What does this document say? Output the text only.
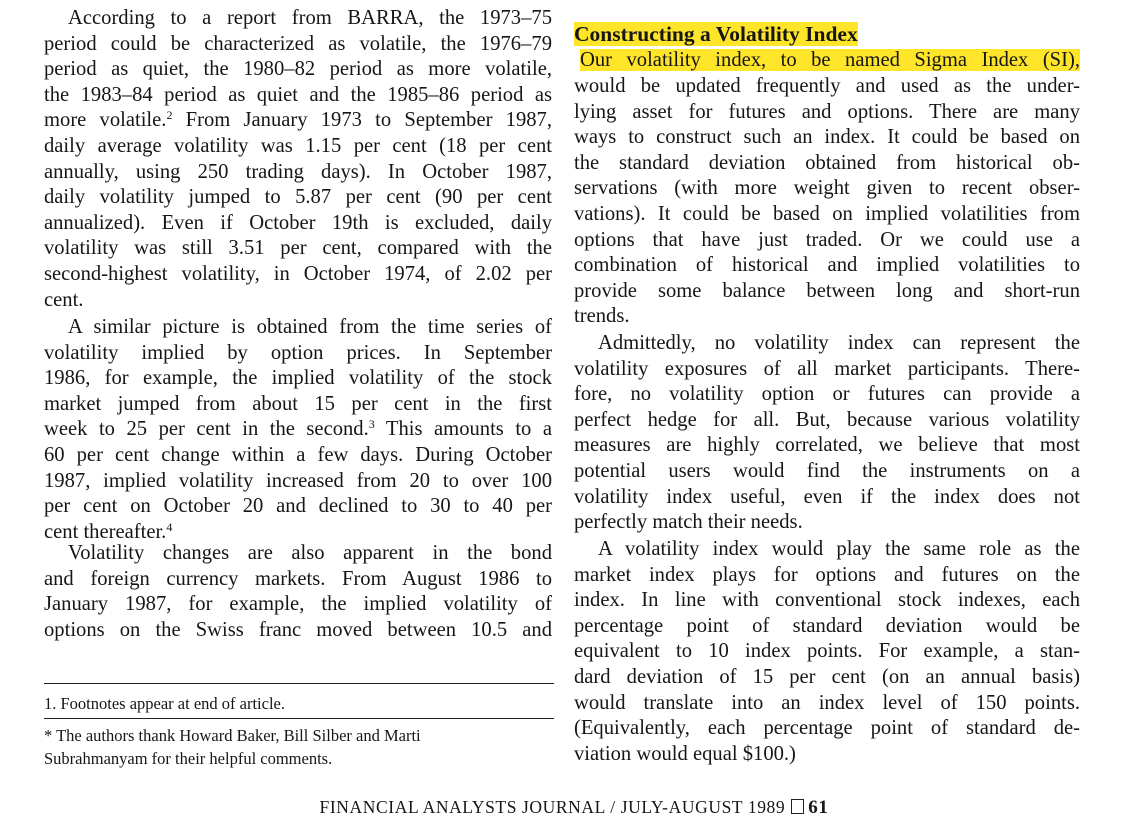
According to a report from BARRA, the 1973–75
period could be characterized as volatile, the 1976–79
period as quiet, the 1980–82 period as more volatile,
the 1983–84 period as quiet and the 1985–86 period as
more volatile.$^2$ From January 1973 to September 1987,
daily average volatility was 1.15 per cent (18 per cent
annually, using 250 trading days). In October 1987,
daily volatility jumped to 5.87 per cent (90 per cent
annualized). Even if October 19th is excluded, daily
volatility was still 3.51 per cent, compared with the
second-highest volatility, in October 1974, of 2.02 per
cent.
A similar picture is obtained from the time series of
volatility implied by option prices. In September
1986, for example, the implied volatility of the stock
market jumped from about 15 per cent in the first
week to 25 per cent in the second.$^3$ This amounts to a
60 per cent change within a few days. During October
1987, implied volatility increased from 20 to over 100
per cent on October 20 and declined to 30 to 40 per
cent thereafter.$^4$
Volatility changes are also apparent in the bond
and foreign currency markets. From August 1986 to
January 1987, for example, the implied volatility of
options on the Swiss franc moved between 10.5 and
Constructing a Volatility Index
Our volatility index, to be named Sigma Index (SI),
would be updated frequently and used as the under-
lying asset for futures and options. There are many
ways to construct such an index. It could be based on
the standard deviation obtained from historical ob-
servations (with more weight given to recent obser-
vations). It could be based on implied volatilities from
options that have just traded. Or we could use a
combination of historical and implied volatilities to
provide some balance between long and short-run
trends.
Admittedly, no volatility index can represent the
volatility exposures of all market participants. There-
fore, no volatility option or futures can provide a
perfect hedge for all. But, because various volatility
measures are highly correlated, we believe that most
potential users would find the instruments on a
volatility index useful, even if the index does not
perfectly match their needs.
A volatility index would play the same role as the
market index plays for options and futures on the
index. In line with conventional stock indexes, each
percentage point of standard deviation would be
equivalent to 10 index points. For example, a stan-
dard deviation of 15 per cent (on an annual basis)
would translate into an index level of 150 points.
(Equivalently, each percentage point of standard de-
viation would equal $100.)
1. Footnotes appear at end of article.
* The authors thank Howard Baker, Bill Silber and Marti
Subrahmanyam for their helpful comments.
FINANCIAL ANALYSTS JOURNAL / JULY-AUGUST 1989 61
